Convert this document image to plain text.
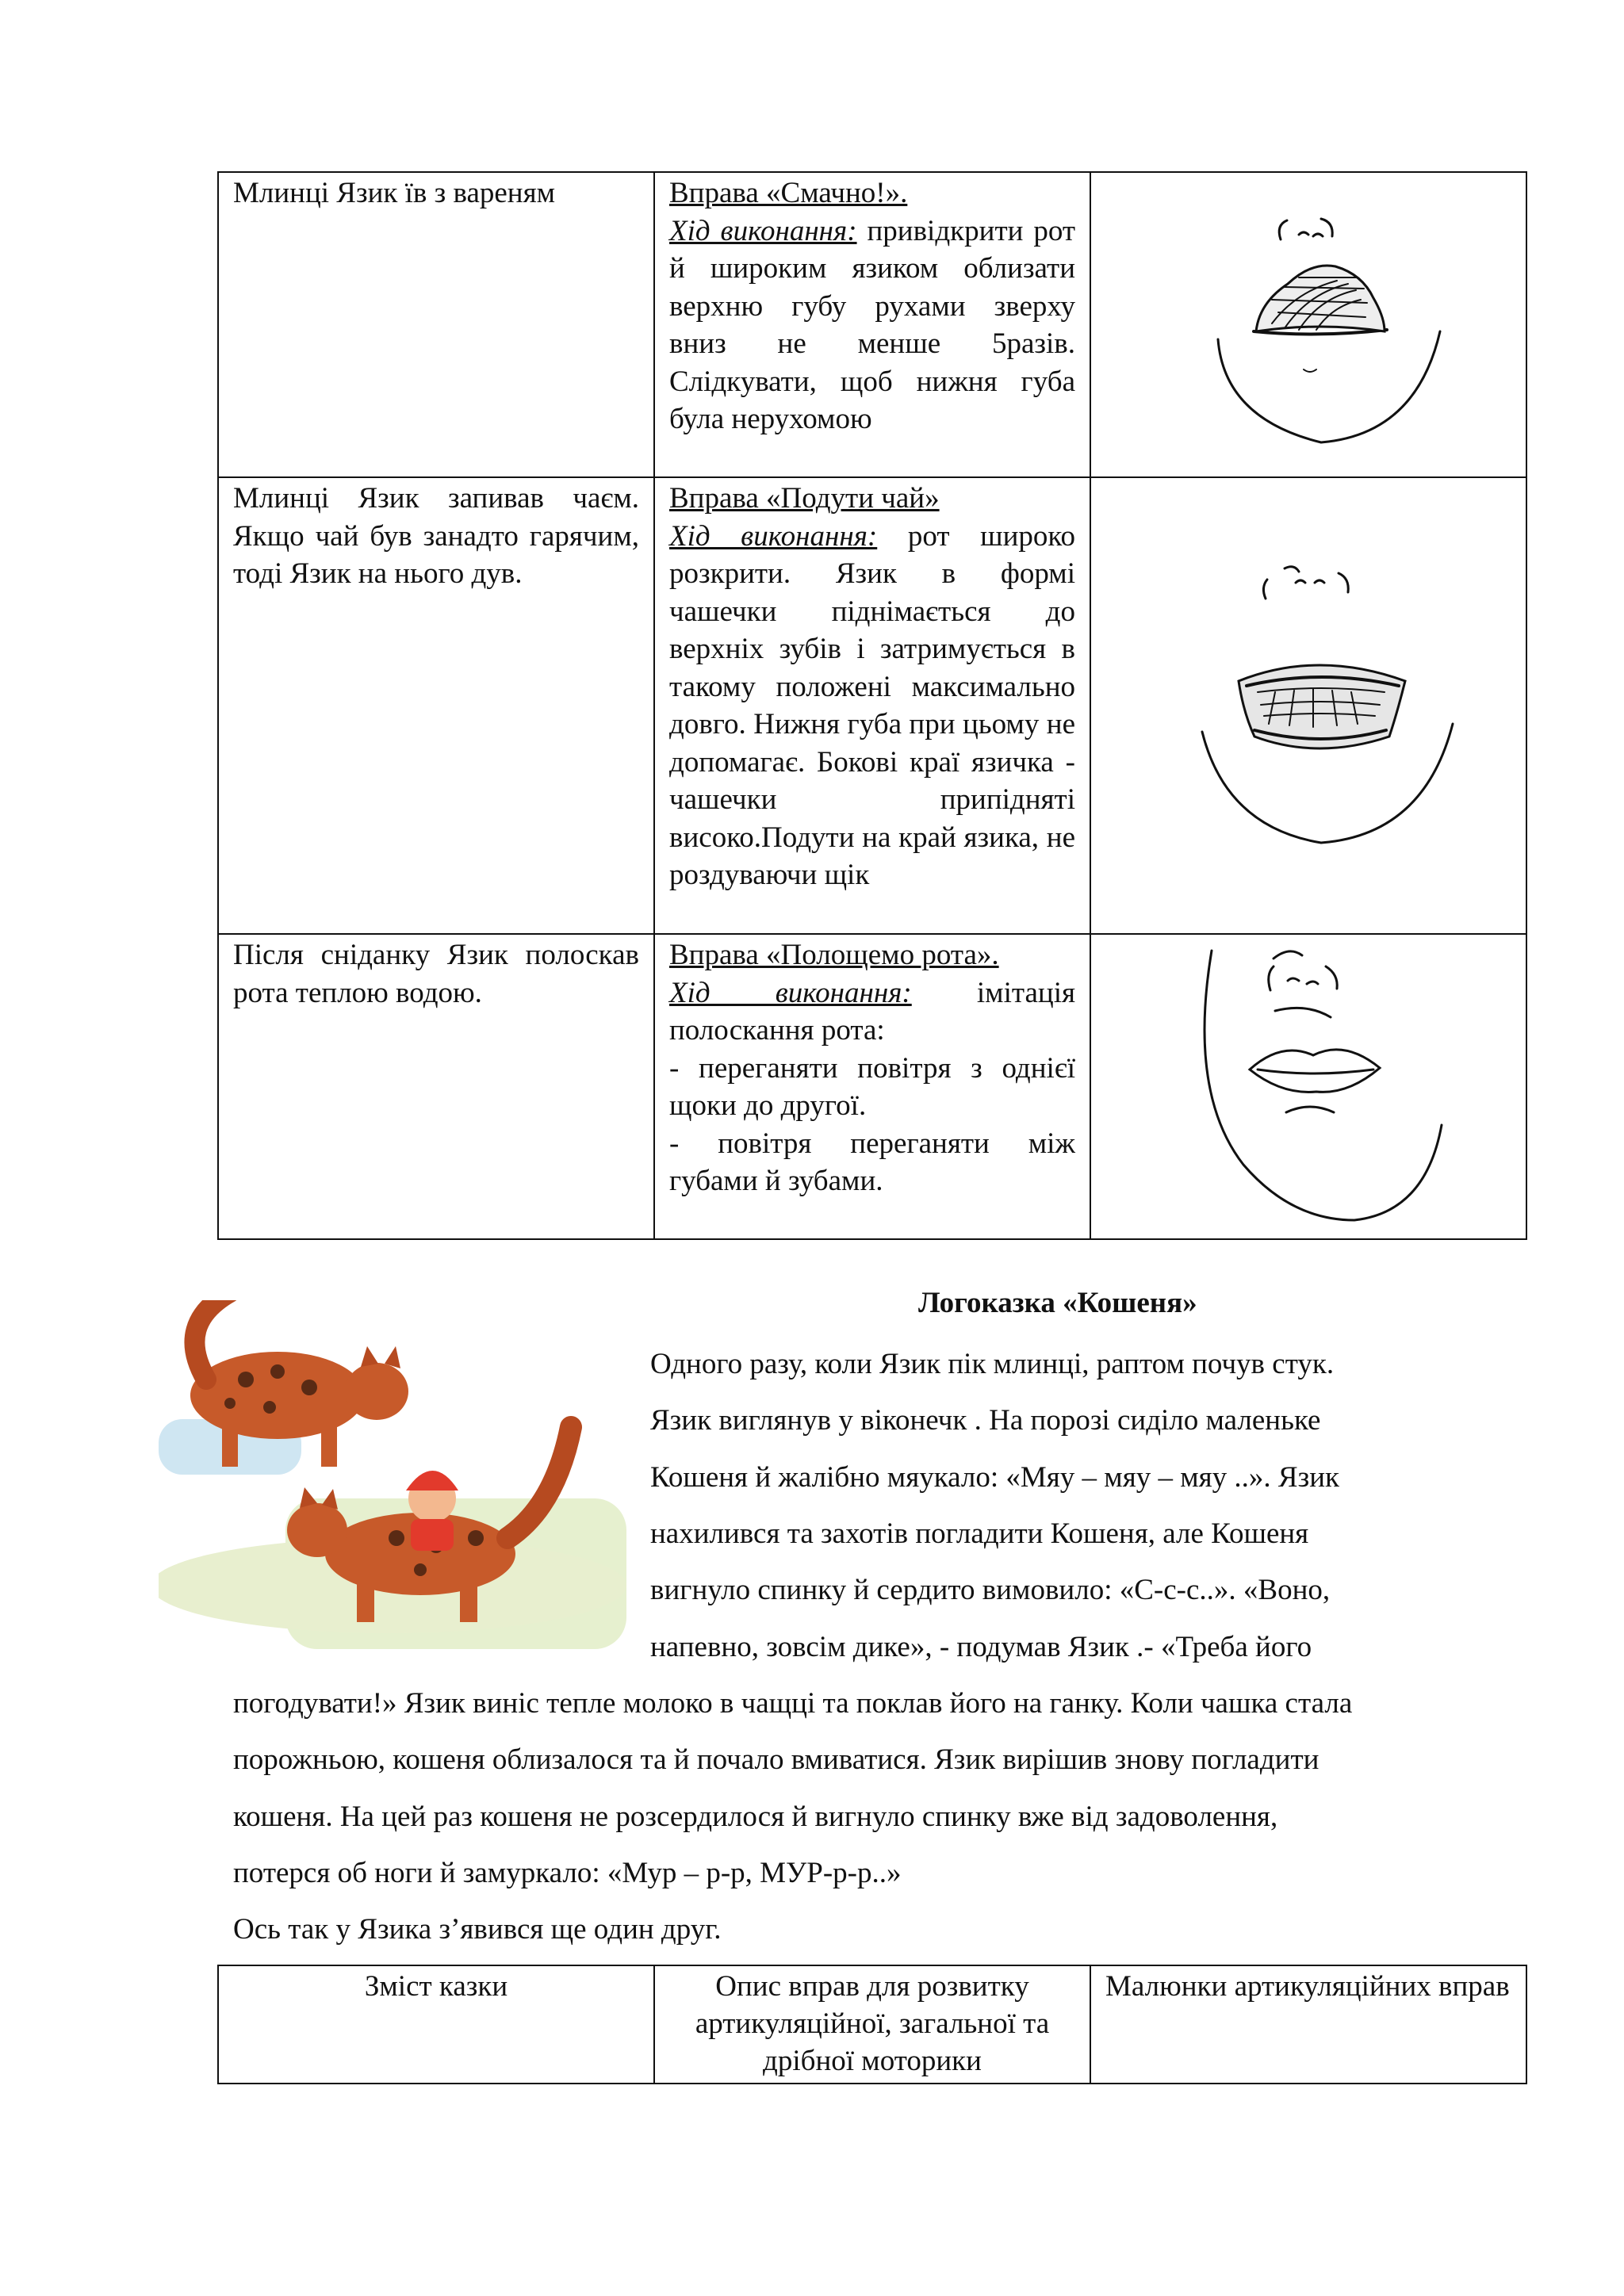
Млинці Язик їв з вареням	Вправа «Смачно!».
Хід виконання: привідкрити рот й широким язиком облизати верхню губу рухами зверху вниз не менше 5разів. Слідкувати, щоб нижня губа була нерухомою

Млинці Язик запивав чаєм. Якщо чай був занадто гарячим, тоді Язик на нього дув.	Вправа «Подути чай»
Хід виконання: рот широко розкрити. Язик в формі чашечки піднімається до верхніх зубів і затримується в такому положені максимально довго. Нижня губа при цьому не допомагає. Бокові краї язичка - чашечки припідняті високо.Подути на край язика, не роздуваючи щік

Після сніданку Язик полоскав рота теплою водою.	Вправа «Полощемо рота».
Хід виконання: імітація полоскання рота:
- переганяти повітря з однієї щоки до другої.
- повітря переганяти між губами й зубами.

Логоказка «Кошеня»
Одного разу, коли Язик пік млинці, раптом почув стук.
Язик виглянув у віконечк . На порозі сиділо маленьке
Кошеня й жалібно мяукало: «Мяу – мяу – мяу ..». Язик
нахилився та захотів погладити Кошеня, але Кошеня
вигнуло спинку й сердито вимовило: «С-с-с..». «Воно,
напевно, зовсім дике», - подумав Язик .- «Треба його
погодувати!» Язик виніс тепле молоко в чащці та поклав його на ганку. Коли чашка стала
порожньою, кошеня облизалося та й почало вмиватися. Язик вирішив знову погладити
кошеня. На цей раз кошеня не розсердилося й вигнуло спинку вже від задоволення,
потерся об ноги й замуркало: «Мур – р-р, МУР-р-р..»
Ось так у Язика з’явився ще один друг.
Зміст казки	Опис вправ для розвитку артикуляційної, загальної та дрібної моторики	Малюнки артикуляційних вправ
